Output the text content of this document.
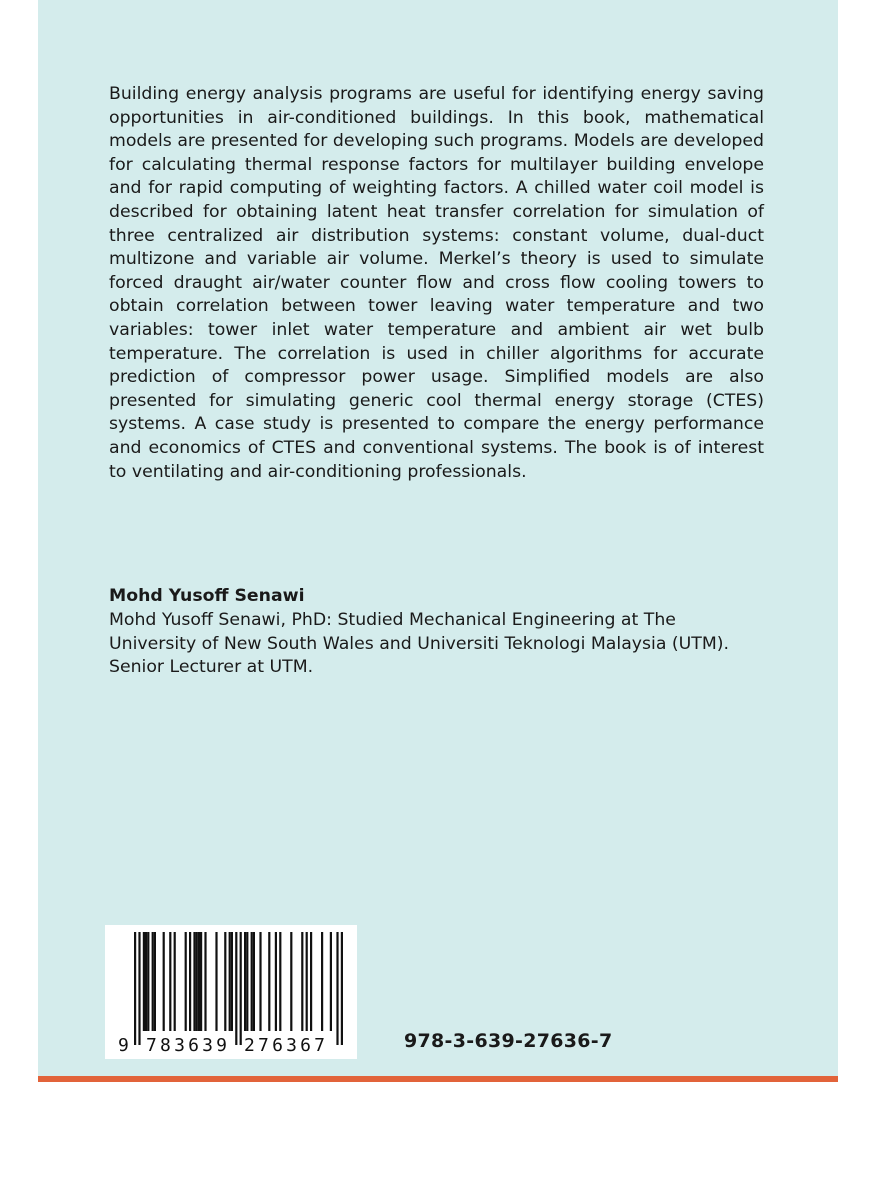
Building energy analysis programs are useful for identifying energy saving opportunities in air-conditioned buildings. In this book, mathematical models are presented for developing such programs. Models are developed for calculating thermal response factors for multilayer building envelope and for rapid computing of weighting factors. A chilled water coil model is described for obtaining latent heat transfer correlation for simulation of three centralized air distribution systems: constant volume, dual-duct multizone and variable air volume. Merkel’s theory is used to simulate forced draught air/water counter flow and cross flow cooling towers to obtain correlation between tower leaving water temperature and two variables: tower inlet water temperature and ambient air wet bulb temperature. The correlation is used in chiller algorithms for accurate prediction of compressor power usage. Simplified models are also presented for simulating generic cool thermal energy storage (CTES) systems. A case study is presented to compare the energy performance and economics of CTES and conventional systems. The book is of interest to ventilating and air-conditioning professionals.

Mohd Yusoff Senawi

Mohd Yusoff Senawi, PhD: Studied Mechanical Engineering at The University of New South Wales and Universiti Teknologi Malaysia (UTM). Senior Lecturer at UTM.

9 783639 276367	978-3-639-27636-7
